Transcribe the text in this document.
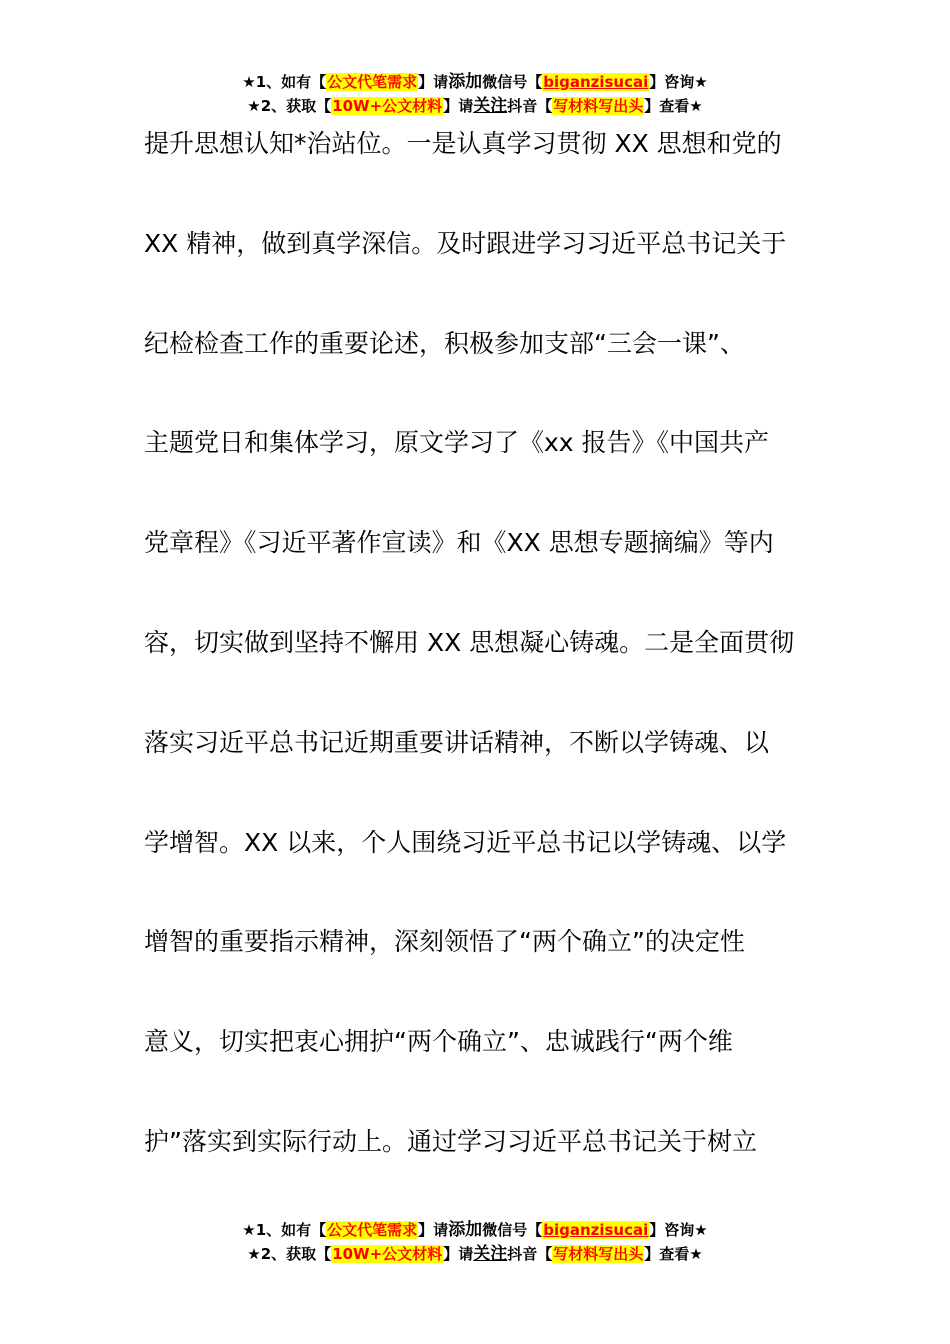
★1、如有【公文代笔需求】请添加微信号【biganzisucai】咨询★
★2、获取【10W+公文材料】请关注抖音【写材料写出头】查看★
提升思想认知*治站位。一是认真学习贯彻 XX 思想和党的
XX 精神，做到真学深信。及时跟进学习习近平总书记关于
纪检检查工作的重要论述，积极参加支部“三会一课”、
主题党日和集体学习，原文学习了《xx 报告》《中国共产
党章程》《习近平著作宣读》和《XX 思想专题摘编》等内
容，切实做到坚持不懈用 XX 思想凝心铸魂。二是全面贯彻
落实习近平总书记近期重要讲话精神，不断以学铸魂、以
学增智。XX 以来，个人围绕习近平总书记以学铸魂、以学
增智的重要指示精神，深刻领悟了“两个确立”的决定性
意义，切实把衷心拥护“两个确立”、忠诚践行“两个维
护”落实到实际行动上。通过学习习近平总书记关于树立
★1、如有【公文代笔需求】请添加微信号【biganzisucai】咨询★
★2、获取【10W+公文材料】请关注抖音【写材料写出头】查看★
